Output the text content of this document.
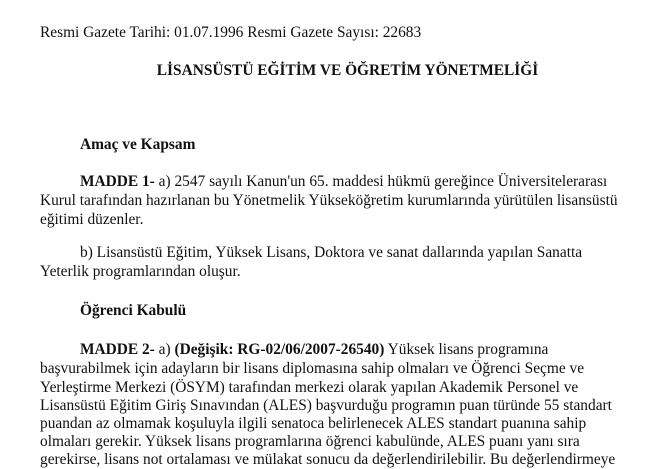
Resmi Gazete Tarihi: 01.07.1996 Resmi Gazete Sayısı: 22683
LİSANSÜSTÜ EĞİTİM VE ÖĞRETİM YÖNETMELİĞİ
Amaç ve Kapsam
MADDE 1- a) 2547 sayılı Kanun'un 65. maddesi hükmü gereğince Üniversitelerarası
Kurul tarafından hazırlanan bu Yönetmelik Yükseköğretim kurumlarında yürütülen lisansüstü
eğitimi düzenler.
b) Lisansüstü Eğitim, Yüksek Lisans, Doktora ve sanat dallarında yapılan Sanatta
Yeterlik programlarından oluşur.
Öğrenci Kabulü
MADDE 2- a) (Değişik: RG-02/06/2007-26540) Yüksek lisans programına
başvurabilmek için adayların bir lisans diplomasına sahip olmaları ve Öğrenci Seçme ve
Yerleştirme Merkezi (ÖSYM) tarafından merkezi olarak yapılan Akademik Personel ve
Lisansüstü Eğitim Giriş Sınavından (ALES) başvurduğu programın puan türünde 55 standart
puandan az olmamak koşuluyla ilgili senatoca belirlenecek ALES standart puanına sahip
olmaları gerekir. Yüksek lisans programlarına öğrenci kabulünde, ALES puanı yanı sıra
gerekirse, lisans not ortalaması ve mülakat sonucu da değerlendirilebilir. Bu değerlendirmeye
